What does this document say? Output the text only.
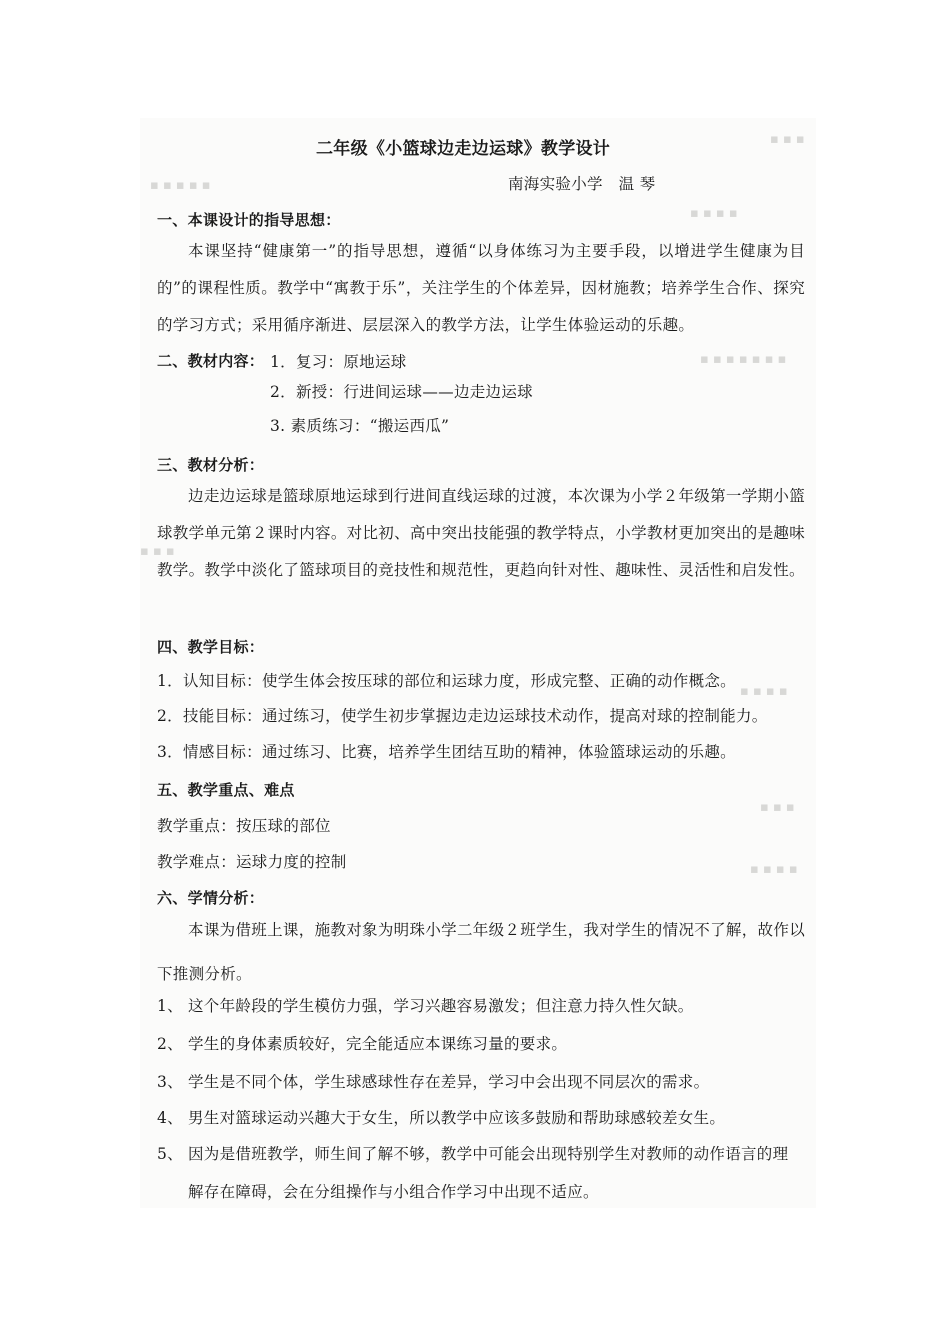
▪ ▪ ▪
▪ ▪ ▪ ▪ ▪
▪ ▪ ▪ ▪
▪ ▪ ▪ ▪ ▪ ▪ ▪
▪ ▪ ▪
▪ ▪ ▪ ▪
▪ ▪ ▪
▪ ▪ ▪ ▪
二年级《小篮球边走边运球》教学设计
南海实验小学　温 琴
一、本课设计的指导思想：
本课坚持“健康第一”的指导思想，遵循“以身体练习为主要手段，以增进学生健康为目的”的课程性质。教学中“寓教于乐”，关注学生的个体差异，因材施教；培养学生合作、探究的学习方式；采用循序渐进、层层深入的教学方法，让学生体验运动的乐趣。
二、教材内容： 1．复习：原地运球
2．新授：行进间运球——边走边运球
3. 素质练习：“搬运西瓜”
三、教材分析：
边走边运球是篮球原地运球到行进间直线运球的过渡，本次课为小学２年级第一学期小篮球教学单元第２课时内容。对比初、高中突出技能强的教学特点，小学教材更加突出的是趣味教学。教学中淡化了篮球项目的竞技性和规范性，更趋向针对性、趣味性、灵活性和启发性。
四、教学目标：
1．认知目标：使学生体会按压球的部位和运球力度，形成完整、正确的动作概念。
2．技能目标：通过练习，使学生初步掌握边走边运球技术动作，提高对球的控制能力。
3．情感目标：通过练习、比赛，培养学生团结互助的精神，体验篮球运动的乐趣。
五、教学重点、难点
教学重点：按压球的部位
教学难点：运球力度的控制
六、学情分析：
本课为借班上课，施教对象为明珠小学二年级２班学生，我对学生的情况不了解，故作以下推测分析。
1、 这个年龄段的学生模仿力强，学习兴趣容易激发；但注意力持久性欠缺。
2、 学生的身体素质较好，完全能适应本课练习量的要求。
3、 学生是不同个体，学生球感球性存在差异，学习中会出现不同层次的需求。
4、 男生对篮球运动兴趣大于女生，所以教学中应该多鼓励和帮助球感较差女生。
5、 因为是借班教学，师生间了解不够，教学中可能会出现特别学生对教师的动作语言的理
解存在障碍，会在分组操作与小组合作学习中出现不适应。
